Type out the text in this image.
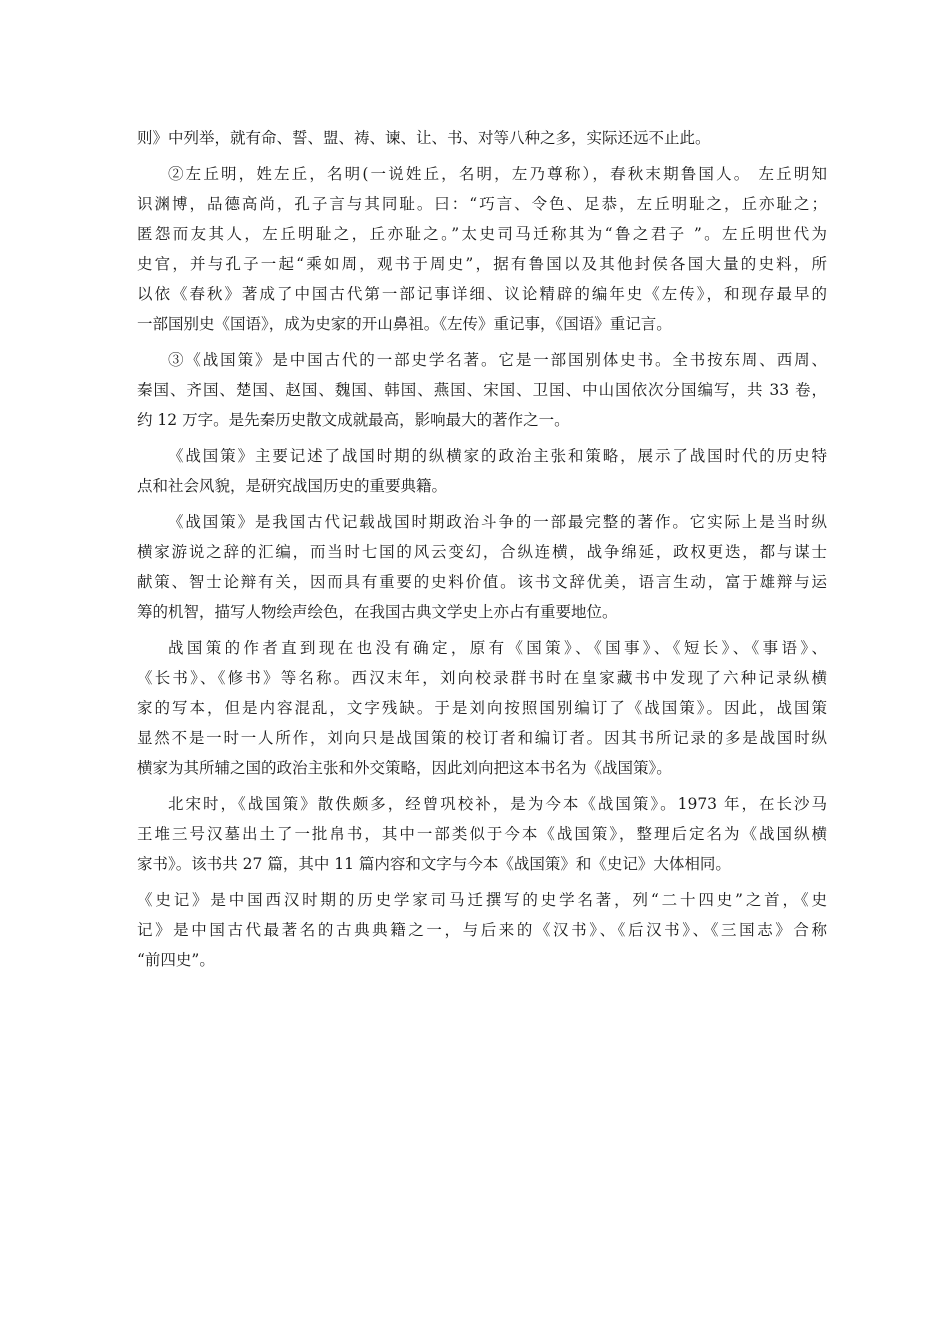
则》中列举，就有命、誓、盟、祷、谏、让、书、对等八种之多，实际还远不止此。
②左丘明，姓左丘，名明(一说姓丘，名明，左乃尊称），春秋末期鲁国人。 左丘明知
识渊博，品德高尚，孔子言与其同耻。曰：“巧言、令色、足恭，左丘明耻之，丘亦耻之；
匿怨而友其人，左丘明耻之，丘亦耻之。”太史司马迁称其为“鲁之君子 ”。左丘明世代为
史官，并与孔子一起“乘如周，观书于周史”，据有鲁国以及其他封侯各国大量的史料，所
以依《春秋》著成了中国古代第一部记事详细、议论精辟的编年史《左传》，和现存最早的
一部国别史《国语》，成为史家的开山鼻祖。《左传》重记事，《国语》重记言。
③《战国策》是中国古代的一部史学名著。它是一部国别体史书。全书按东周、西周、
秦国、齐国、楚国、赵国、魏国、韩国、燕国、宋国、卫国、中山国依次分国编写，共 33 卷，
约 12 万字。是先秦历史散文成就最高，影响最大的著作之一。
《战国策》主要记述了战国时期的纵横家的政治主张和策略，展示了战国时代的历史特
点和社会风貌，是研究战国历史的重要典籍。
《战国策》是我国古代记载战国时期政治斗争的一部最完整的著作。它实际上是当时纵
横家游说之辞的汇编，而当时七国的风云变幻，合纵连横，战争绵延，政权更迭，都与谋士
献策、智士论辩有关，因而具有重要的史料价值。该书文辞优美，语言生动，富于雄辩与运
筹的机智，描写人物绘声绘色，在我国古典文学史上亦占有重要地位。
战国策的作者直到现在也没有确定，原有《国策》、《国事》、《短长》、《事语》、
《长书》、《修书》等名称。西汉末年，刘向校录群书时在皇家藏书中发现了六种记录纵横
家的写本，但是内容混乱，文字残缺。于是刘向按照国别编订了《战国策》。因此，战国策
显然不是一时一人所作，刘向只是战国策的校订者和编订者。因其书所记录的多是战国时纵
横家为其所辅之国的政治主张和外交策略，因此刘向把这本书名为《战国策》。
北宋时，《战国策》散佚颇多，经曾巩校补，是为今本《战国策》。1973 年，在长沙马
王堆三号汉墓出土了一批帛书，其中一部类似于今本《战国策》，整理后定名为《战国纵横
家书》。该书共 27 篇，其中 11 篇内容和文字与今本《战国策》和《史记》大体相同。
《史记》是中国西汉时期的历史学家司马迁撰写的史学名著，列“二十四史”之首，《史
记》是中国古代最著名的古典典籍之一，与后来的《汉书》、《后汉书》、《三国志》合称
“前四史”。
